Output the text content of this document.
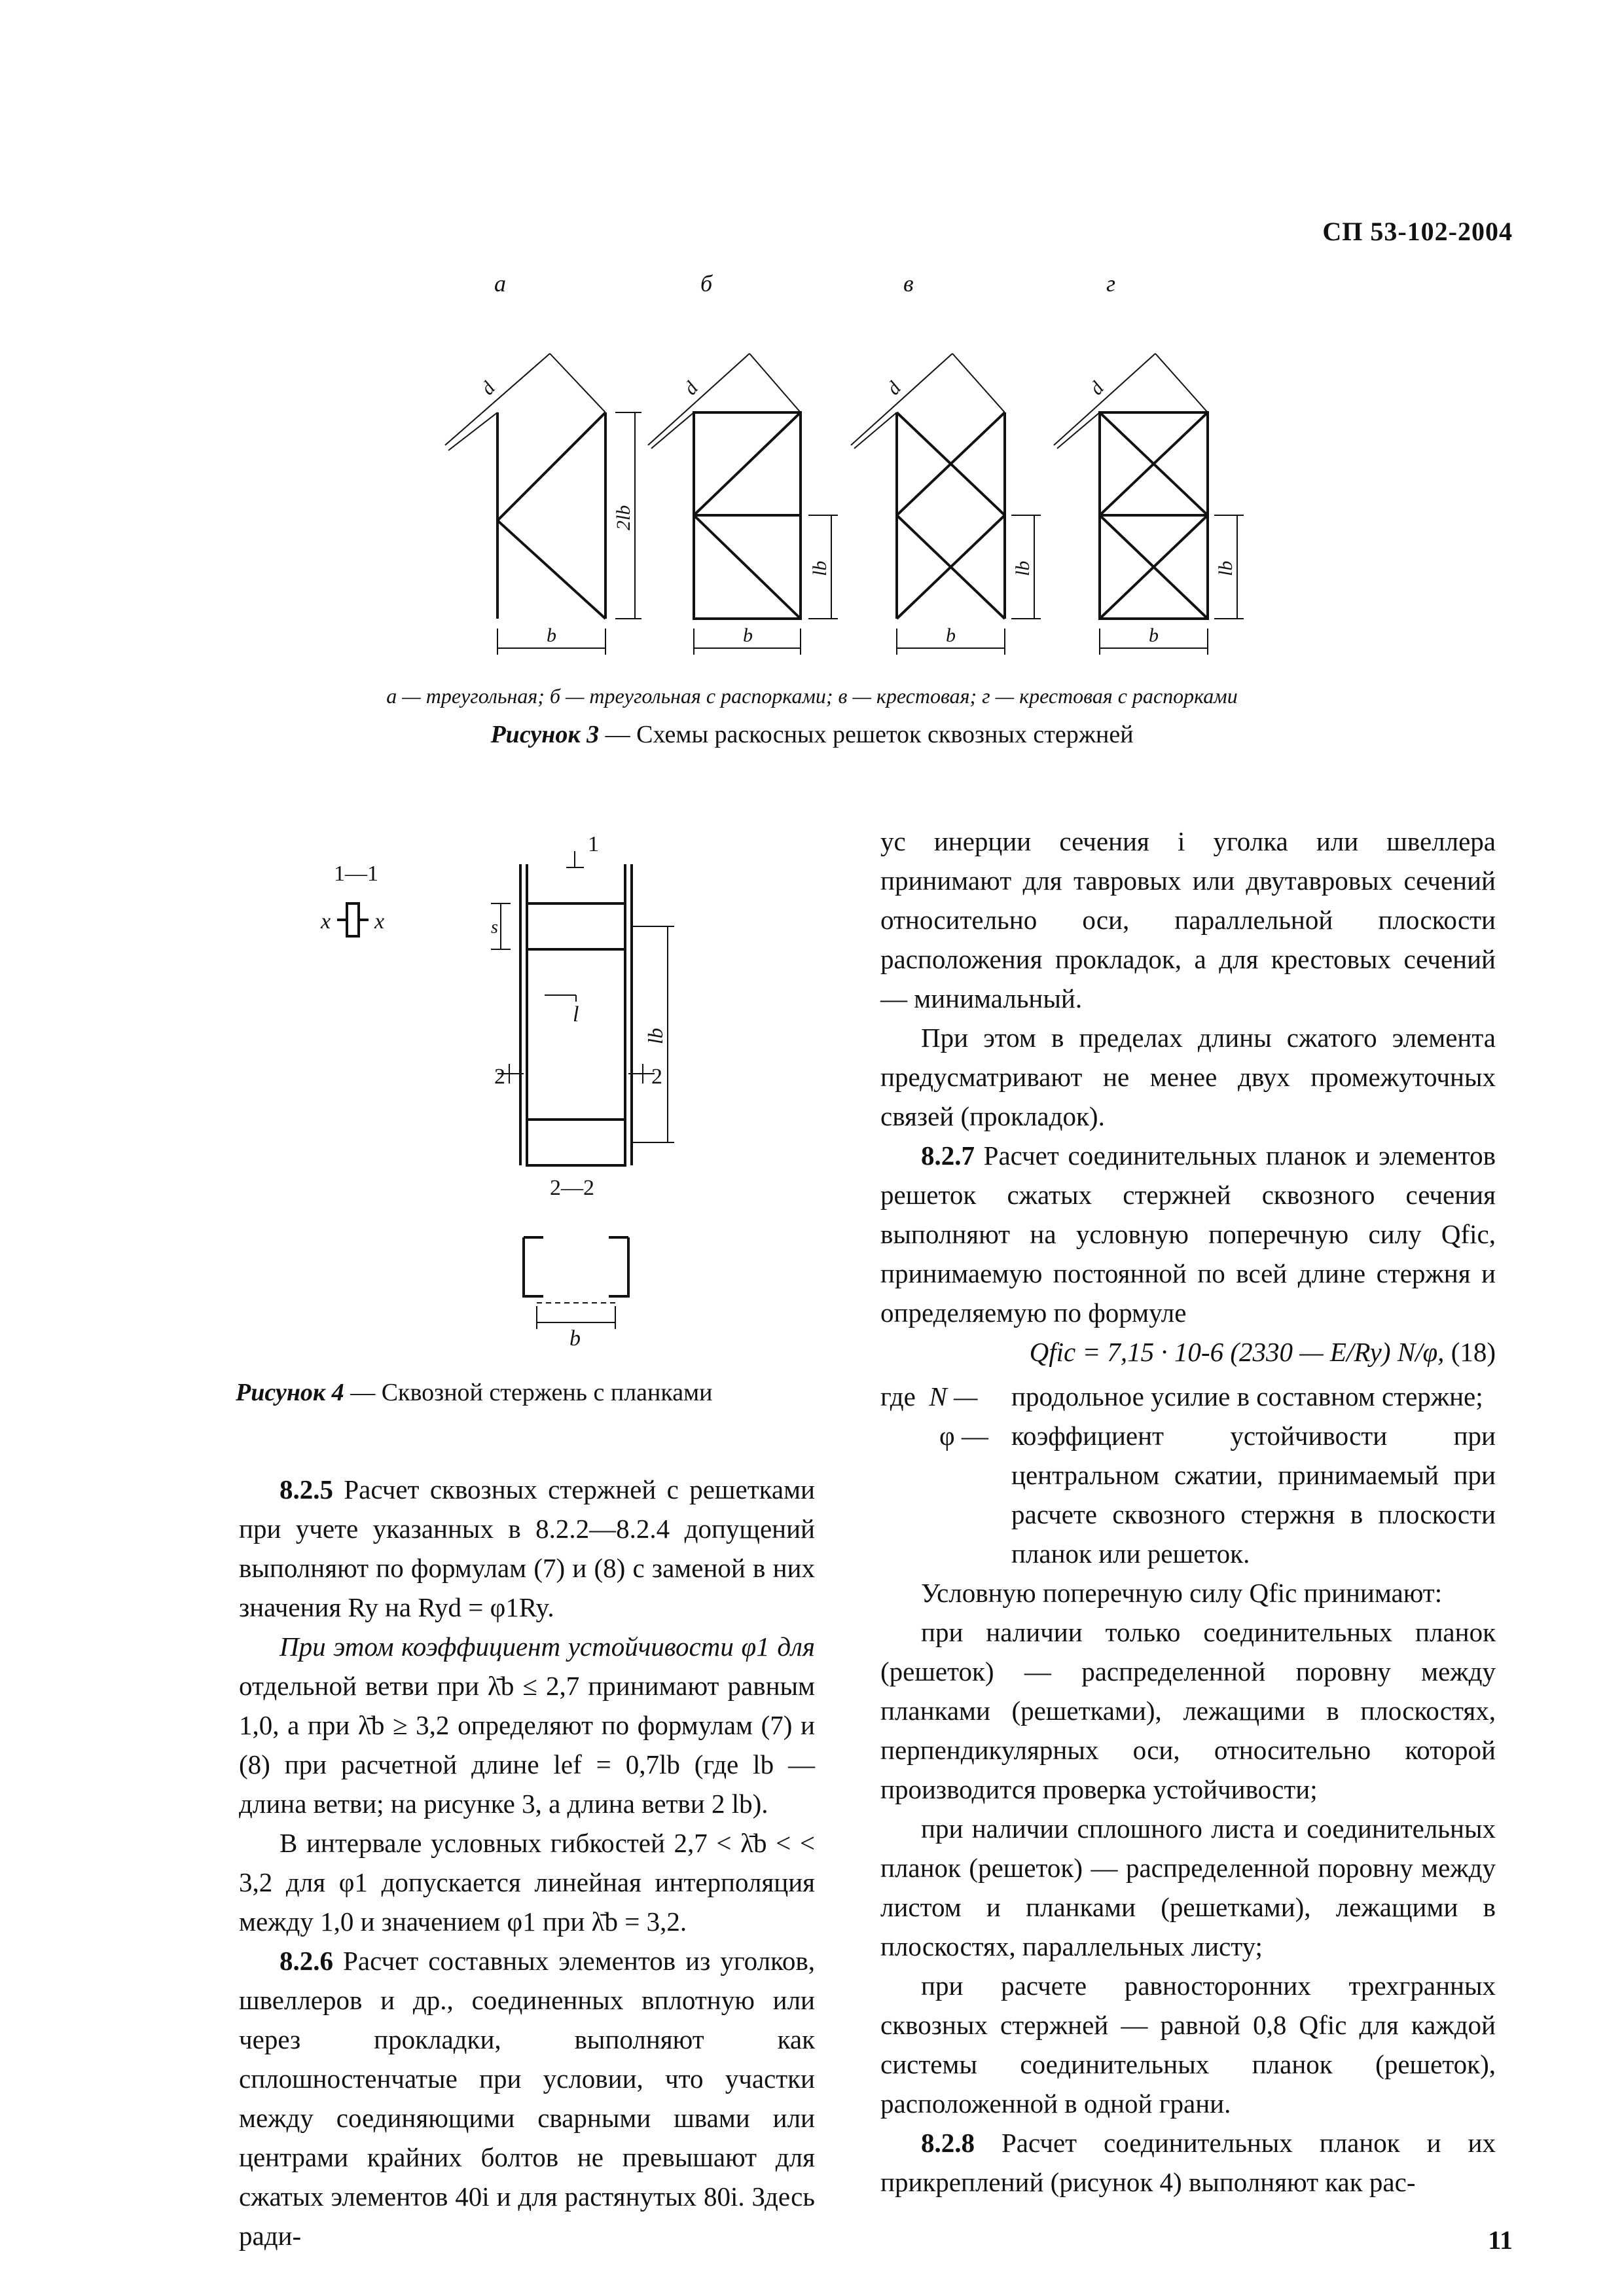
СП 53-102-2004
а	б	в	г
b	b	b	b
2lb
lb	lb	lb
d	d	d	d
а — треугольная; б — треугольная с распорками; в — крестовая; г — крестовая с распорками
Рисунок 3 — Схемы раскосных решеток сквозных стержней
1—1
x x
1
2	2
2—2
s
l
lb
b
Рисунок 4 — Сквозной стержень с планками

8.2.5 Расчет сквозных стержней с решетками при учете указанных в 8.2.2—8.2.4 допущений выполняют по формулам (7) и (8) с заменой в них значения Ry на Ryd = φ1Ry.

При этом коэффициент устойчивости φ1 для отдельной ветви при λ̄b ≤ 2,7 принимают равным 1,0, а при λ̄b ≥ 3,2 определяют по формулам (7) и (8) при расчетной длине lef = 0,7lb (где lb — длина ветви; на рисунке 3, а длина ветви 2 lb).

В интервале условных гибкостей 2,7 < λ̄b < < 3,2 для φ1 допускается линейная интерполяция между 1,0 и значением φ1 при λ̄b = 3,2.

8.2.6 Расчет составных элементов из уголков, швеллеров и др., соединенных вплотную или через прокладки, выполняют как сплошностенчатые при условии, что участки между соединяющими сварными швами или центрами крайних болтов не превышают для сжатых элементов 40i и для растянутых 80i. Здесь ради-

ус инерции сечения i уголка или швеллера принимают для тавровых или двутавровых сечений относительно оси, параллельной плоскости расположения прокладок, а для крестовых сечений — минимальный.

При этом в пределах длины сжатого элемента предусматривают не менее двух промежуточных связей (прокладок).

8.2.7 Расчет соединительных планок и элементов решеток сжатых стержней сквозного сечения выполняют на условную поперечную силу Qfic, принимаемую постоянной по всей длине стержня и определяемую по формуле

Qfic = 7,15 · 10-6 (2330 — E/Ry) N/φ, (18)

где N —	продольное усилие в составном стержне;
φ — коэффициент устойчивости при центральном сжатии, принимаемый при расчете сквозного стержня в плоскости планок или решеток.

Условную поперечную силу Qfic принимают:

при наличии только соединительных планок (решеток) — распределенной поровну между планками (решетками), лежащими в плоскостях, перпендикулярных оси, относительно которой производится проверка устойчивости;

при наличии сплошного листа и соединительных планок (решеток) — распределенной поровну между листом и планками (решетками), лежащими в плоскостях, параллельных листу;

при расчете равносторонних трехгранных сквозных стержней — равной 0,8 Qfic для каждой системы соединительных планок (решеток), расположенной в одной грани.

8.2.8 Расчет соединительных планок и их прикреплений (рисунок 4) выполняют как рас-

11
